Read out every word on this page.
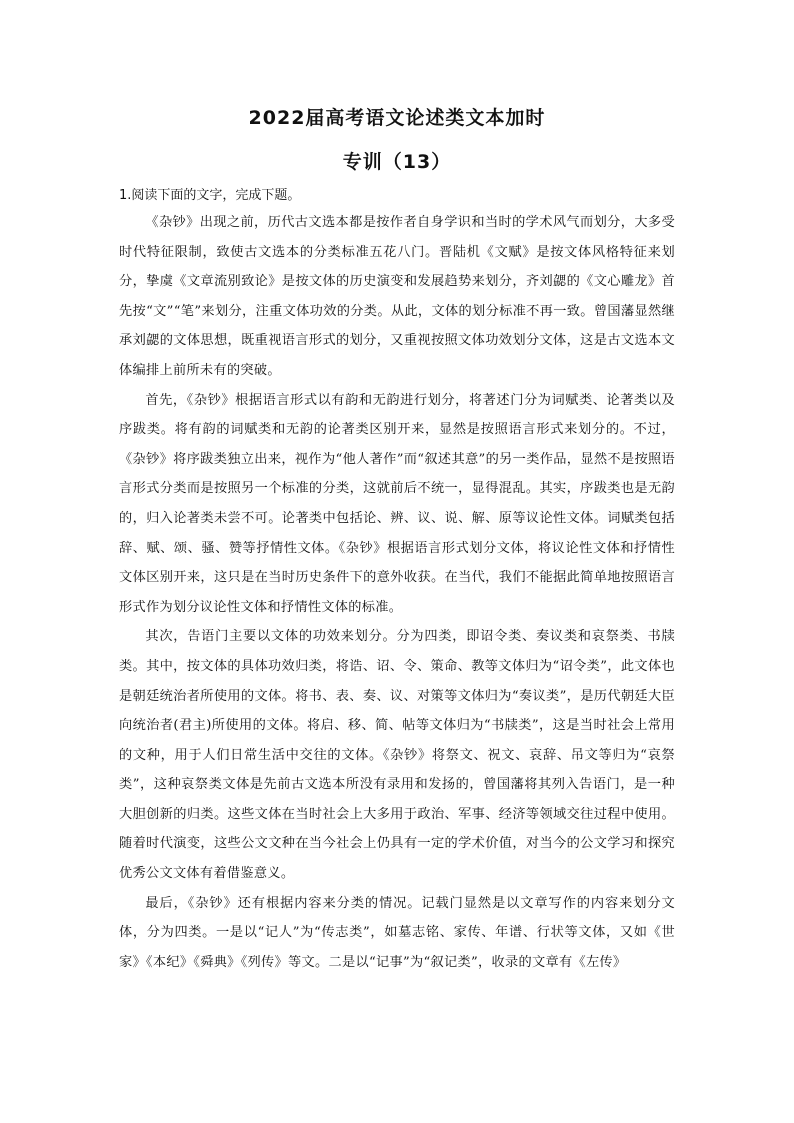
2022届高考语文论述类文本加时
专训（13）
1.阅读下面的文字，完成下题。

《杂钞》出现之前，历代古文选本都是按作者自身学识和当时的学术风气而划分，大多受时代特征限制，致使古文选本的分类标准五花八门。晋陆机《文赋》是按文体风格特征来划分，挚虞《文章流别致论》是按文体的历史演变和发展趋势来划分，齐刘勰的《文心雕龙》首先按“文”“笔”来划分，注重文体功效的分类。从此，文体的划分标准不再一致。曾国藩显然继承刘勰的文体思想，既重视语言形式的划分，又重视按照文体功效划分文体，这是古文选本文体编排上前所未有的突破。

首先，《杂钞》根据语言形式以有韵和无韵进行划分，将著述门分为词赋类、论著类以及序跋类。将有韵的词赋类和无韵的论著类区别开来，显然是按照语言形式来划分的。不过，《杂钞》将序跋类独立出来，视作为“他人著作”而“叙述其意”的另一类作品，显然不是按照语言形式分类而是按照另一个标准的分类，这就前后不统一，显得混乱。其实，序跋类也是无韵的，归入论著类未尝不可。论著类中包括论、辨、议、说、解、原等议论性文体。词赋类包括辞、赋、颂、骚、赞等抒情性文体。《杂钞》根据语言形式划分文体，将议论性文体和抒情性文体区别开来，这只是在当时历史条件下的意外收获。在当代，我们不能据此简单地按照语言形式作为划分议论性文体和抒情性文体的标准。

其次，告语门主要以文体的功效来划分。分为四类，即诏令类、奏议类和哀祭类、书牍类。其中，按文体的具体功效归类，将诰、诏、令、策命、教等文体归为“诏令类”，此文体也是朝廷统治者所使用的文体。将书、表、奏、议、对策等文体归为“奏议类”，是历代朝廷大臣向统治者(君主)所使用的文体。将启、移、简、帖等文体归为“书牍类”，这是当时社会上常用的文种，用于人们日常生活中交往的文体。《杂钞》将祭文、祝文、哀辞、吊文等归为“哀祭类”，这种哀祭类文体是先前古文选本所没有录用和发扬的，曾国藩将其列入告语门，是一种大胆创新的归类。这些文体在当时社会上大多用于政治、军事、经济等领域交往过程中使用。随着时代演变，这些公文文种在当今社会上仍具有一定的学术价值，对当今的公文学习和探究优秀公文文体有着借鉴意义。

最后，《杂钞》还有根据内容来分类的情况。记载门显然是以文章写作的内容来划分文体，分为四类。一是以“记人”为“传志类”，如墓志铭、家传、年谱、行状等文体，又如《世家》《本纪》《舜典》《列传》等文。二是以“记事”为“叙记类”，收录的文章有《左传》
